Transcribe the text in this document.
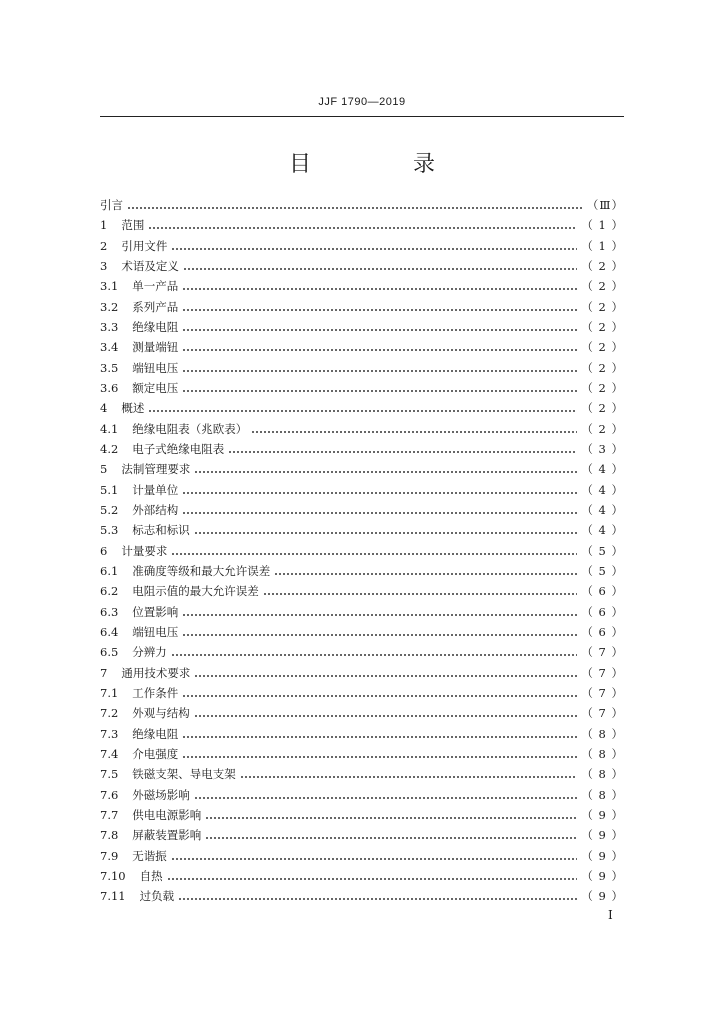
JJF 1790—2019
目　录
引言	（Ⅲ）
1 范围	（ 1 ）
2 引用文件	（ 1 ）
3 术语及定义	（ 2 ）
3.1 单一产品	（ 2 ）
3.2 系列产品	（ 2 ）
3.3 绝缘电阻	（ 2 ）
3.4 测量端钮	（ 2 ）
3.5 端钮电压	（ 2 ）
3.6 额定电压	（ 2 ）
4 概述	（ 2 ）
4.1 绝缘电阻表（兆欧表）	（ 2 ）
4.2 电子式绝缘电阻表	（ 3 ）
5 法制管理要求	（ 4 ）
5.1 计量单位	（ 4 ）
5.2 外部结构	（ 4 ）
5.3 标志和标识	（ 4 ）
6 计量要求	（ 5 ）
6.1 准确度等级和最大允许误差	（ 5 ）
6.2 电阻示值的最大允许误差	（ 6 ）
6.3 位置影响	（ 6 ）
6.4 端钮电压	（ 6 ）
6.5 分辨力	（ 7 ）
7 通用技术要求	（ 7 ）
7.1 工作条件	（ 7 ）
7.2 外观与结构	（ 7 ）
7.3 绝缘电阻	（ 8 ）
7.4 介电强度	（ 8 ）
7.5 铁磁支架、导电支架	（ 8 ）
7.6 外磁场影响	（ 8 ）
7.7 供电电源影响	（ 9 ）
7.8 屏蔽装置影响	（ 9 ）
7.9 无谐振	（ 9 ）
7.10 自热	（ 9 ）
7.11 过负载	（ 9 ）
I
